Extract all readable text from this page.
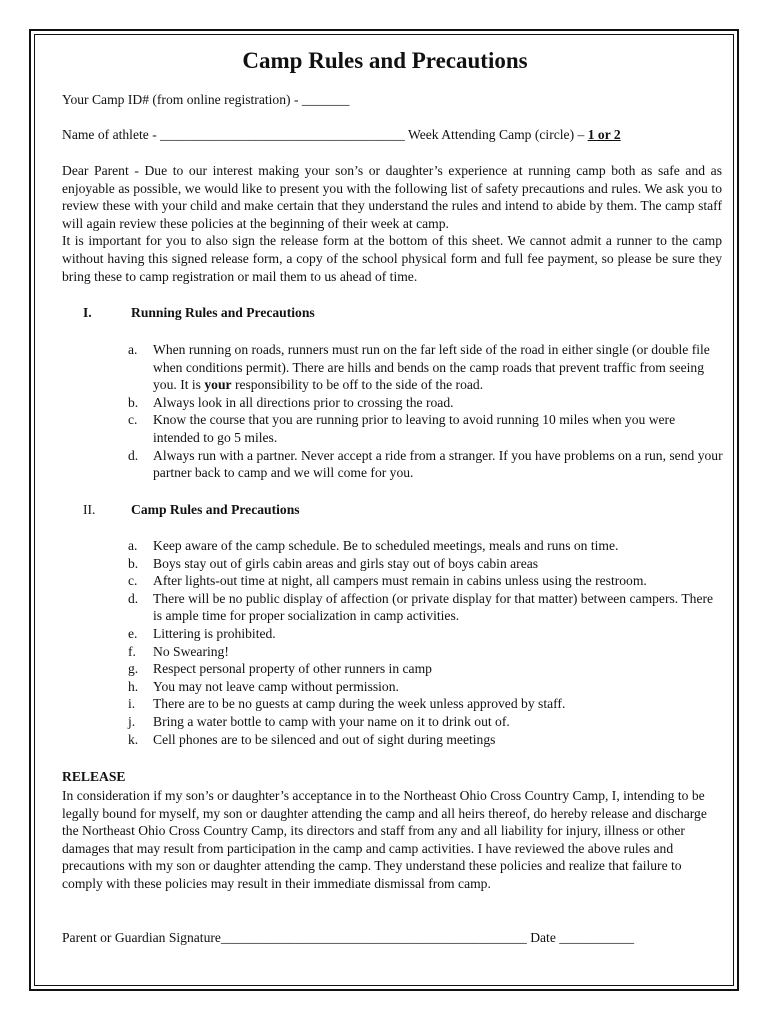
Camp Rules and Precautions
Your Camp ID# (from online registration) - _______
Name of athlete - ____________________________________ Week Attending Camp (circle) – 1 or 2
Dear Parent - Due to our interest making your son’s or daughter’s experience at running camp both as safe and as enjoyable as possible, we would like to present you with the following list of safety precautions and rules. We ask you to review these with your child and make certain that they understand the rules and intend to abide by them. The camp staff will again review these policies at the beginning of their week at camp.
It is important for you to also sign the release form at the bottom of this sheet. We cannot admit a runner to the camp without having this signed release form, a copy of the school physical form and full fee payment, so please be sure they bring these to camp registration or mail them to us ahead of time.
I.	Running Rules and Precautions
a.	When running on roads, runners must run on the far left side of the road in either single (or double file when conditions permit). There are hills and bends on the camp roads that prevent traffic from seeing you. It is your responsibility to be off to the side of the road.
b.	Always look in all directions prior to crossing the road.
c.	Know the course that you are running prior to leaving to avoid running 10 miles when you were intended to go 5 miles.
d.	Always run with a partner. Never accept a ride from a stranger. If you have problems on a run, send your partner back to camp and we will come for you.
II.	Camp Rules and Precautions
a.	Keep aware of the camp schedule. Be to scheduled meetings, meals and runs on time.
b.	Boys stay out of girls cabin areas and girls stay out of boys cabin areas
c.	After lights-out time at night, all campers must remain in cabins unless using the restroom.
d.	There will be no public display of affection (or private display for that matter) between campers. There is ample time for proper socialization in camp activities.
e.	Littering is prohibited.
f.	No Swearing!
g.	Respect personal property of other runners in camp
h.	You may not leave camp without permission.
i.	There are to be no guests at camp during the week unless approved by staff.
j.	Bring a water bottle to camp with your name on it to drink out of.
k.	Cell phones are to be silenced and out of sight during meetings
RELEASE
In consideration if my son’s or daughter’s acceptance in to the Northeast Ohio Cross Country Camp, I, intending to be legally bound for myself, my son or daughter attending the camp and all heirs thereof, do hereby release and discharge the Northeast Ohio Cross Country Camp, its directors and staff from any and all liability for injury, illness or other damages that may result from participation in the camp and camp activities. I have reviewed the above rules and precautions with my son or daughter attending the camp. They understand these policies and realize that failure to comply with these policies may result in their immediate dismissal from camp.
Parent or Guardian Signature_____________________________________________ Date ___________
